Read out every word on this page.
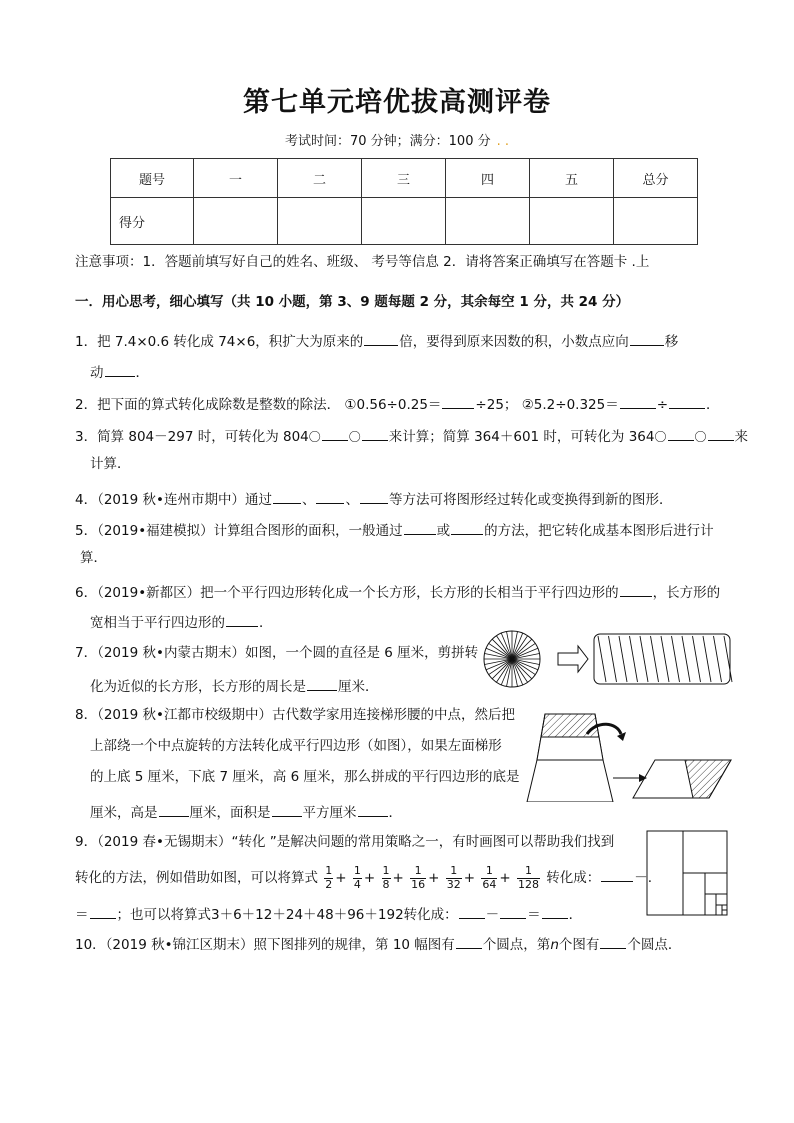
第七单元培优拔高测评卷
考试时间：70 分钟；满分：100 分 . .
题号	一	二	三	四	五	总分
得分						
注意事项：1．答题前填写好自己的姓名、班级、 考号等信息 2．请将答案正确填写在答题卡 .上
一．用心思考，细心填写（共 10 小题，第 3、9 题每题 2 分，其余每空 1 分，共 24 分）
1．把 7.4×0.6 转化成 74×6，积扩大为原来的	倍，要得到原来因数的积，小数点应向	移
动 ．
2．把下面的算式转化成除数是整数的除法． ①0.56÷0.25＝	÷25； ②5.2÷0.325＝	÷	．
3．简算 804－297 时，可转化为 804〇 〇 来计算；简算 364＋601 时，可转化为 364〇 〇 来
计算．
4．（2019 秋•连州市期中）通过 、 、 等方法可将图形经过转化或变换得到新的图形．
5．（2019•福建模拟）计算组合图形的面积，一般通过	或	的方法，把它转化成基本图形后进行计
算．
6．（2019•新都区）把一个平行四边形转化成一个长方形，长方形的长相当于平行四边形的	，长方形的
宽相当于平行四边形的	．
7．（2019 秋•内蒙古期末）如图，一个圆的直径是 6 厘米，剪拼转
化为近似的长方形，长方形的周长是 厘米．
8．（2019 秋•江都市校级期中）古代数学家用连接梯形腰的中点，然后把
上部绕一个中点旋转的方法转化成平行四边形（如图），如果左面梯形
的上底 5 厘米，下底 7 厘米，高 6 厘米，那么拼成的平行四边形的底是
厘米，高是 厘米，面积是 平方厘米 ．
9．（2019 春•无锡期末）“转化 ”是解决问题的常用策略之一，有时画图可以帮助我们找到
转化的方法，例如借助如图，可以将算式 $\frac{1}{2} + \frac{1}{4} + \frac{1}{8} + \frac{1}{16} + \frac{1}{32} + \frac{1}{64} + \frac{1}{128}$ 转化成：	－.
＝ ；也可以将算式3＋6＋12＋24＋48＋96＋192转化成： － ＝ ．
10．（2019 秋•锦江区期末）照下图排列的规律，第 10 幅图有 个圆点，第n个图有 个圆点．
